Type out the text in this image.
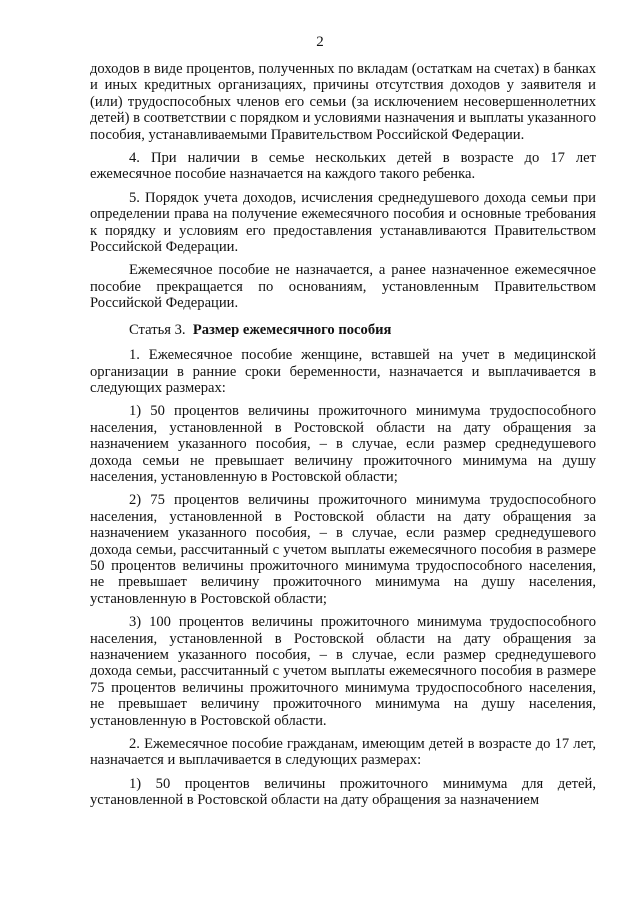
2

доходов в виде процентов, полученных по вкладам (остаткам на счетах) в банках и иных кредитных организациях, причины отсутствия доходов у заявителя и (или) трудоспособных членов его семьи (за исключением несовершеннолетних детей) в соответствии с порядком и условиями назначения и выплаты указанного пособия, устанавливаемыми Правительством Российской Федерации.

4. При наличии в семье нескольких детей в возрасте до 17 лет ежемесячное пособие назначается на каждого такого ребенка.

5. Порядок учета доходов, исчисления среднедушевого дохода семьи при определении права на получение ежемесячного пособия и основные требования к порядку и условиям его предоставления устанавливаются Правительством Российской Федерации.

Ежемесячное пособие не назначается, а ранее назначенное ежемесячное пособие прекращается по основаниям, установленным Правительством Российской Федерации.

Статья 3. Размер ежемесячного пособия

1. Ежемесячное пособие женщине, вставшей на учет в медицинской организации в ранние сроки беременности, назначается и выплачивается в следующих размерах:

1) 50 процентов величины прожиточного минимума трудоспособного населения, установленной в Ростовской области на дату обращения за назначением указанного пособия, – в случае, если размер среднедушевого дохода семьи не превышает величину прожиточного минимума на душу населения, установленную в Ростовской области;

2) 75 процентов величины прожиточного минимума трудоспособного населения, установленной в Ростовской области на дату обращения за назначением указанного пособия, – в случае, если размер среднедушевого дохода семьи, рассчитанный с учетом выплаты ежемесячного пособия в размере 50 процентов величины прожиточного минимума трудоспособного населения, не превышает величину прожиточного минимума на душу населения, установленную в Ростовской области;

3) 100 процентов величины прожиточного минимума трудоспособного населения, установленной в Ростовской области на дату обращения за назначением указанного пособия, – в случае, если размер среднедушевого дохода семьи, рассчитанный с учетом выплаты ежемесячного пособия в размере 75 процентов величины прожиточного минимума трудоспособного населения, не превышает величину прожиточного минимума на душу населения, установленную в Ростовской области.

2. Ежемесячное пособие гражданам, имеющим детей в возрасте до 17 лет, назначается и выплачивается в следующих размерах:

1) 50 процентов величины прожиточного минимума для детей, установленной в Ростовской области на дату обращения за назначением
